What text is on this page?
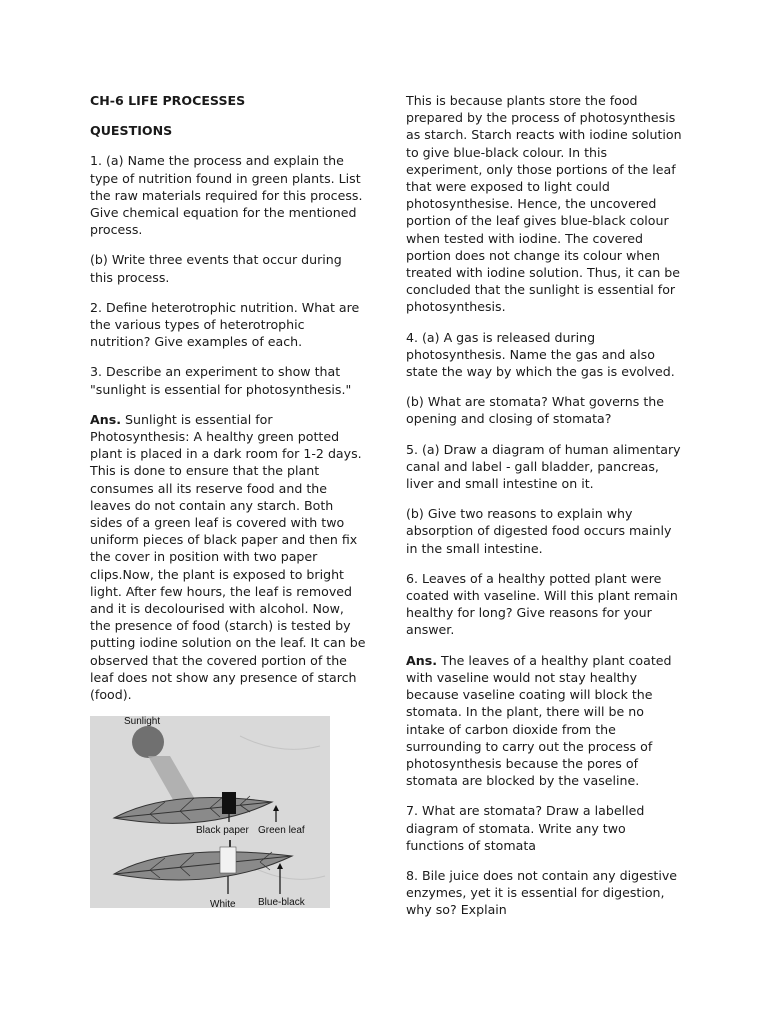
CH-6 LIFE PROCESSES

QUESTIONS

1. (a) Name the process and explain the type of nutrition found in green plants. List the raw materials required for this process. Give chemical equation for the mentioned process.

(b) Write three events that occur during this process.

2. Define heterotrophic nutrition. What are the various types of heterotrophic nutrition? Give examples of each.

3. Describe an experiment to show that "sunlight is essential for photosynthesis."

Ans. Sunlight is essential for Photosynthesis: A healthy green potted plant is placed in a dark room for 1-2 days. This is done to ensure that the plant consumes all its reserve food and the leaves do not contain any starch. Both sides of a green leaf is covered with two uniform pieces of black paper and then fix the cover in position with two paper clips.Now, the plant is exposed to bright light. After few hours, the leaf is removed and it is decolourised with alcohol. Now, the presence of food (starch) is tested by putting iodine solution on the leaf. It can be observed that the covered portion of the leaf does not show any presence of starch (food).

Sunlight
Black paper Green leaf
White Blue-black

This is because plants store the food prepared by the process of photosynthesis as starch. Starch reacts with iodine solution to give blue-black colour. In this experiment, only those portions of the leaf that were exposed to light could photosynthesise. Hence, the uncovered portion of the leaf gives blue-black colour when tested with iodine. The covered portion does not change its colour when treated with iodine solution. Thus, it can be concluded that the sunlight is essential for photosynthesis.

4. (a) A gas is released during photosynthesis. Name the gas and also state the way by which the gas is evolved.

(b) What are stomata? What governs the opening and closing of stomata?

5. (a) Draw a diagram of human alimentary canal and label - gall bladder, pancreas, liver and small intestine on it.

(b) Give two reasons to explain why absorption of digested food occurs mainly in the small intestine.

6. Leaves of a healthy potted plant were coated with vaseline. Will this plant remain healthy for long? Give reasons for your answer.

Ans. The leaves of a healthy plant coated with vaseline would not stay healthy because vaseline coating will block the stomata. In the plant, there will be no intake of carbon dioxide from the surrounding to carry out the process of photosynthesis because the pores of stomata are blocked by the vaseline.

7. What are stomata? Draw a labelled diagram of stomata. Write any two functions of stomata

8. Bile juice does not contain any digestive enzymes, yet it is essential for digestion, why so? Explain
